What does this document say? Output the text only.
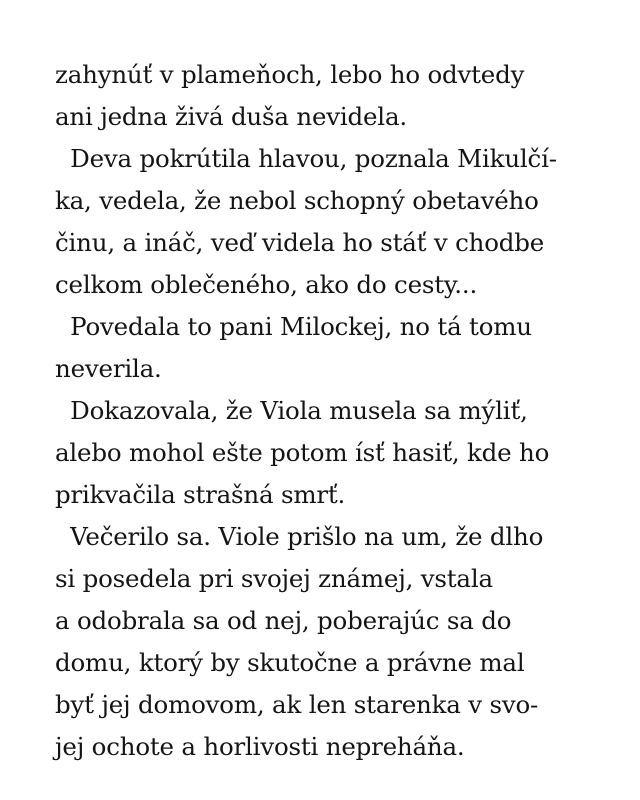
zahynúť v plameňoch, lebo ho odvtedy
ani jedna živá duša nevidela.
Deva pokrútila hlavou, poznala Mikulčí-
ka, vedela, že nebol schopný obetavého
činu, a ináč, veď videla ho stáť v chodbe
celkom oblečeného, ako do cesty...
Povedala to pani Milockej, no tá tomu
neverila.
Dokazovala, že Viola musela sa mýliť,
alebo mohol ešte potom ísť hasiť, kde ho
prikvačila strašná smrť.
Večerilo sa. Viole prišlo na um, že dlho
si posedela pri svojej známej, vstala
a odobrala sa od nej, poberajúc sa do
domu, ktorý by skutočne a právne mal
byť jej domovom, ak len starenka v svo-
jej ochote a horlivosti nepreháňa.
